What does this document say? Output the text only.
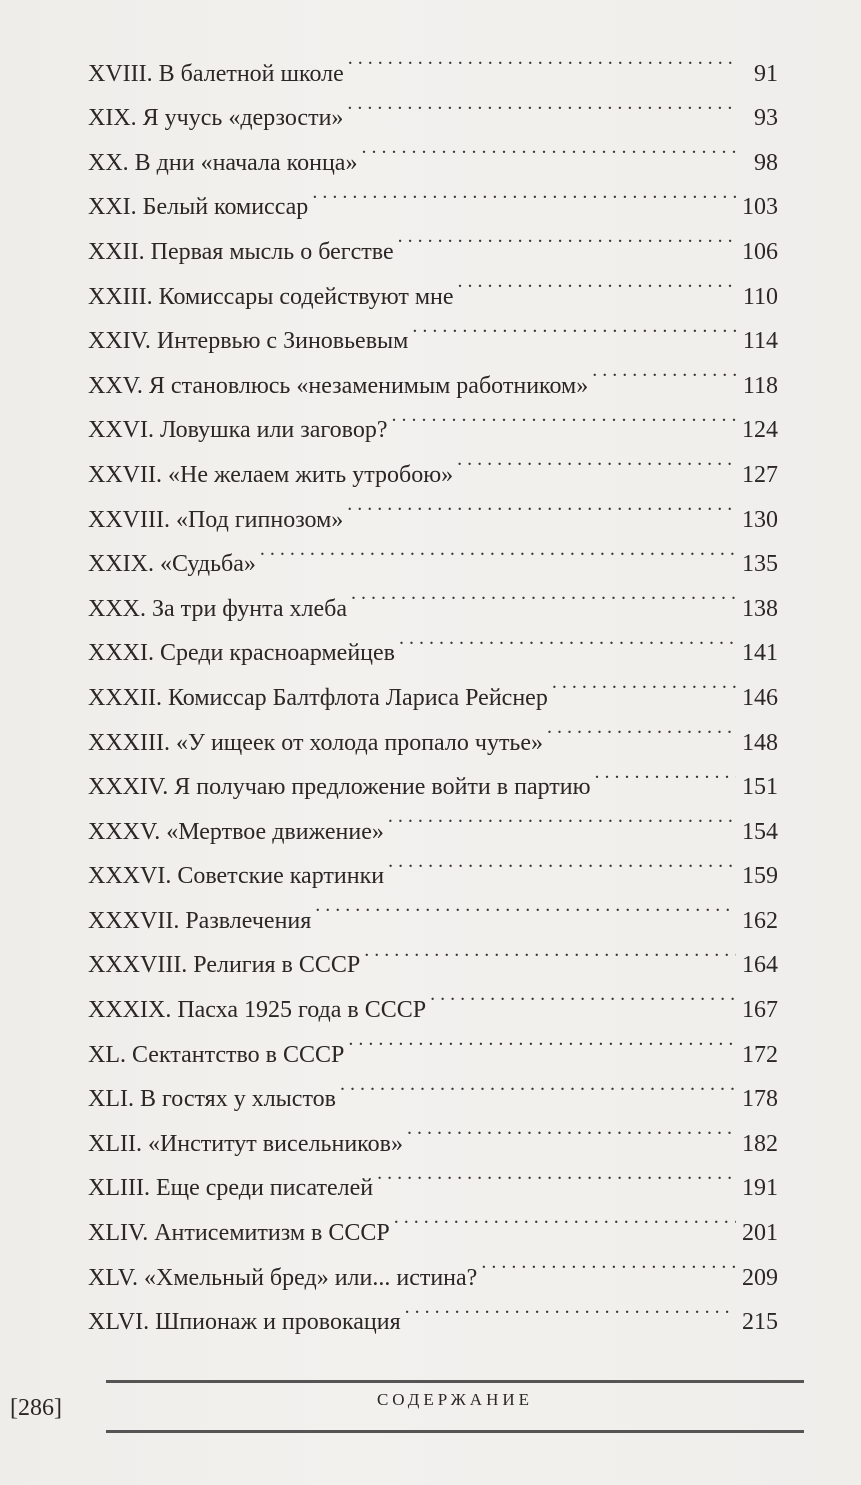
XVIII. В балетной школе . . .	91
XIX. Я учусь «дерзости» . . .	93
XX. В дни «начала конца» . . .	98
XXI. Белый комиссар . . .	103
XXII. Первая мысль о бегстве . . .	106
XXIII. Комиссары содействуют мне . . .	110
XXIV. Интервью с Зиновьевым . . .	114
XXV. Я становлюсь «незаменимым работником» . . .	118
XXVI. Ловушка или заговор? . . .	124
XXVII. «Не желаем жить утробою» . . .	127
XXVIII. «Под гипнозом» . . .	130
XXIX. «Судьба» . . .	135
XXX. За три фунта хлеба . . .	138
XXXI. Среди красноармейцев . . .	141
XXXII. Комиссар Балтфлота Лариса Рейснер . . .	146
XXXIII. «У ищеек от холода пропало чутье» . . .	148
XXXIV. Я получаю предложение войти в партию . . .	151
XXXV. «Мертвое движение» . . .	154
XXXVI. Советские картинки . . .	159
XXXVII. Развлечения . . .	162
XXXVIII. Религия в СССР . . .	164
XXXIX. Пасха 1925 года в СССР . . .	167
XL. Сектантство в СССР . . .	172
XLI. В гостях у хлыстов . . .	178
XLII. «Институт висельников» . . .	182
XLIII. Еще среди писателей . . .	191
XLIV. Антисемитизм в СССР . . .	201
XLV. «Хмельный бред» или... истина? . . .	209
XLVI. Шпионаж и провокация . . .	215
СОДЕРЖАНИЕ
[286]
